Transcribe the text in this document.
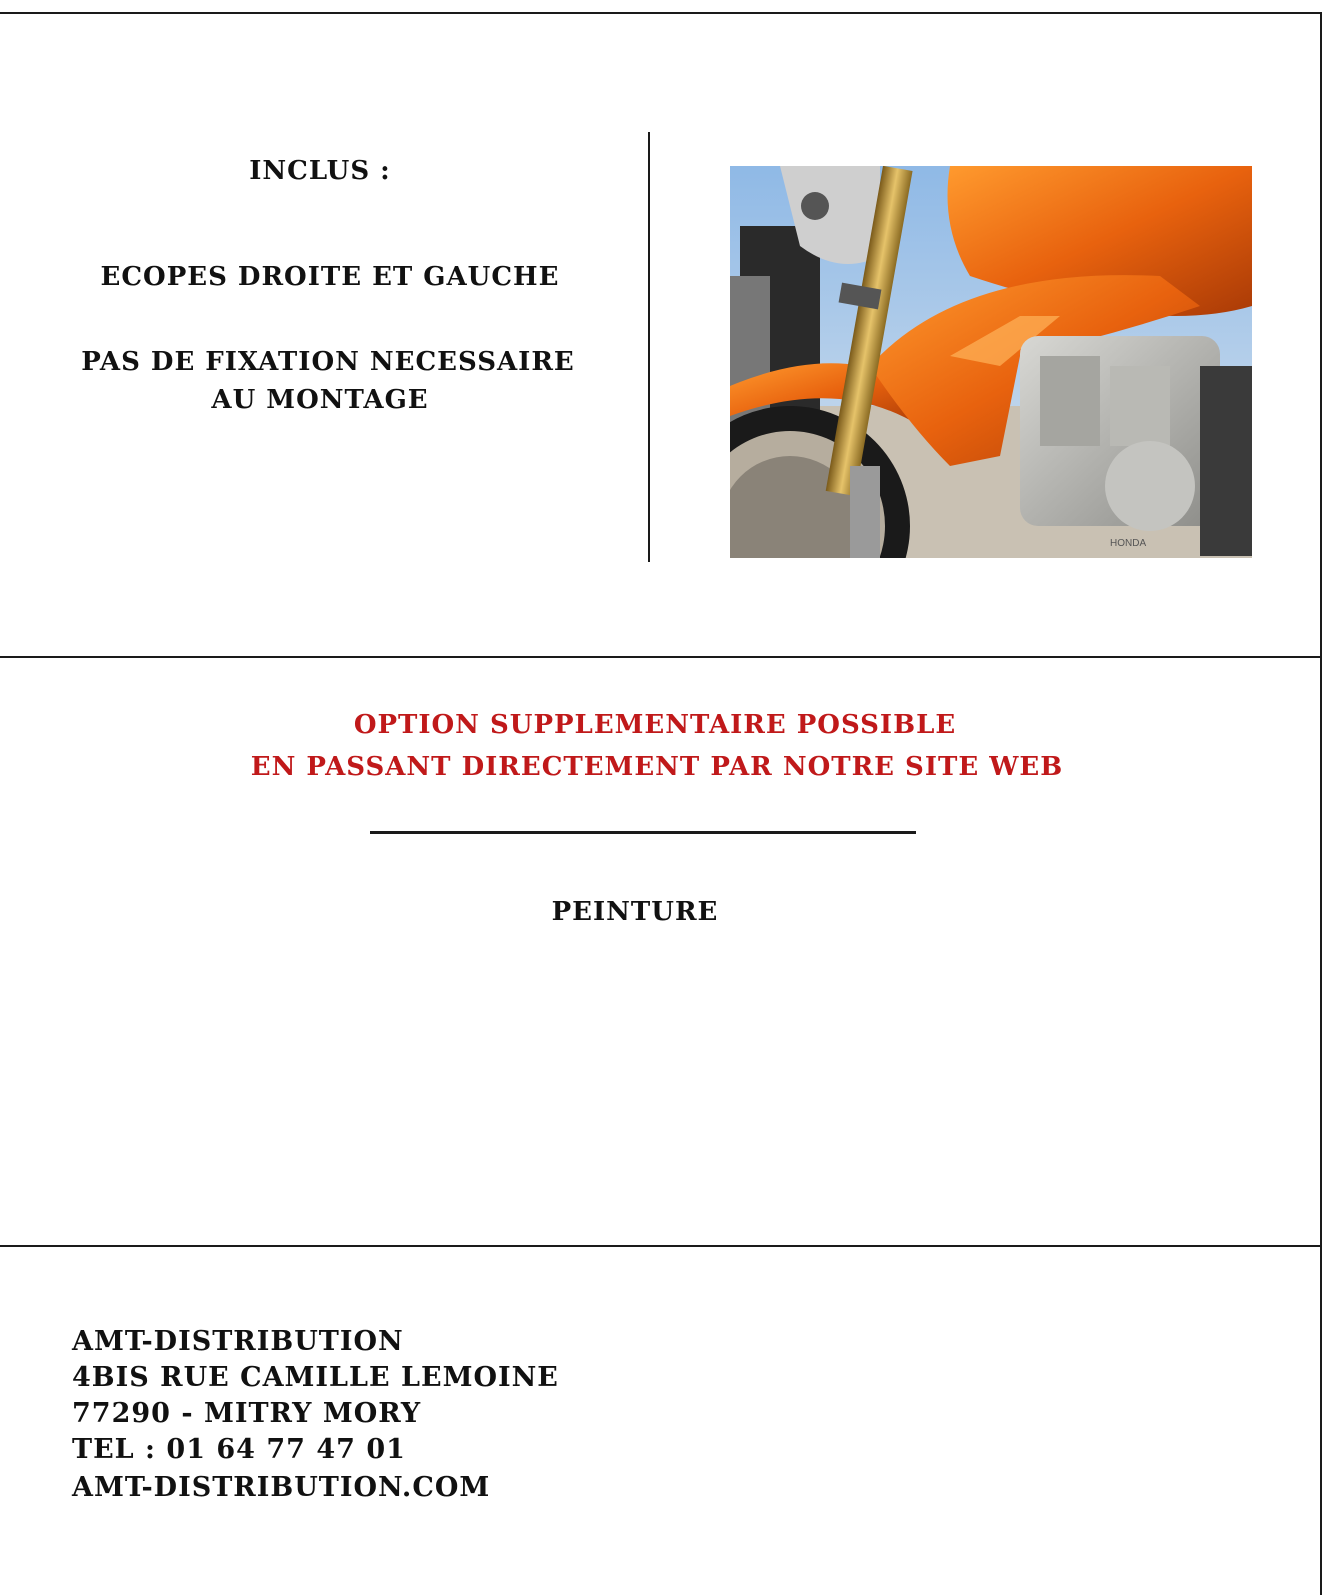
INCLUS :
ECOPES DROITE ET GAUCHE
PAS DE FIXATION NECESSAIRE
AU MONTAGE
HONDA
OPTION SUPPLEMENTAIRE POSSIBLE
EN PASSANT DIRECTEMENT PAR NOTRE SITE WEB
PEINTURE
AMT-DISTRIBUTION
4BIS RUE CAMILLE LEMOINE
77290 - MITRY MORY
TEL : 01 64 77 47 01
AMT-DISTRIBUTION.COM
